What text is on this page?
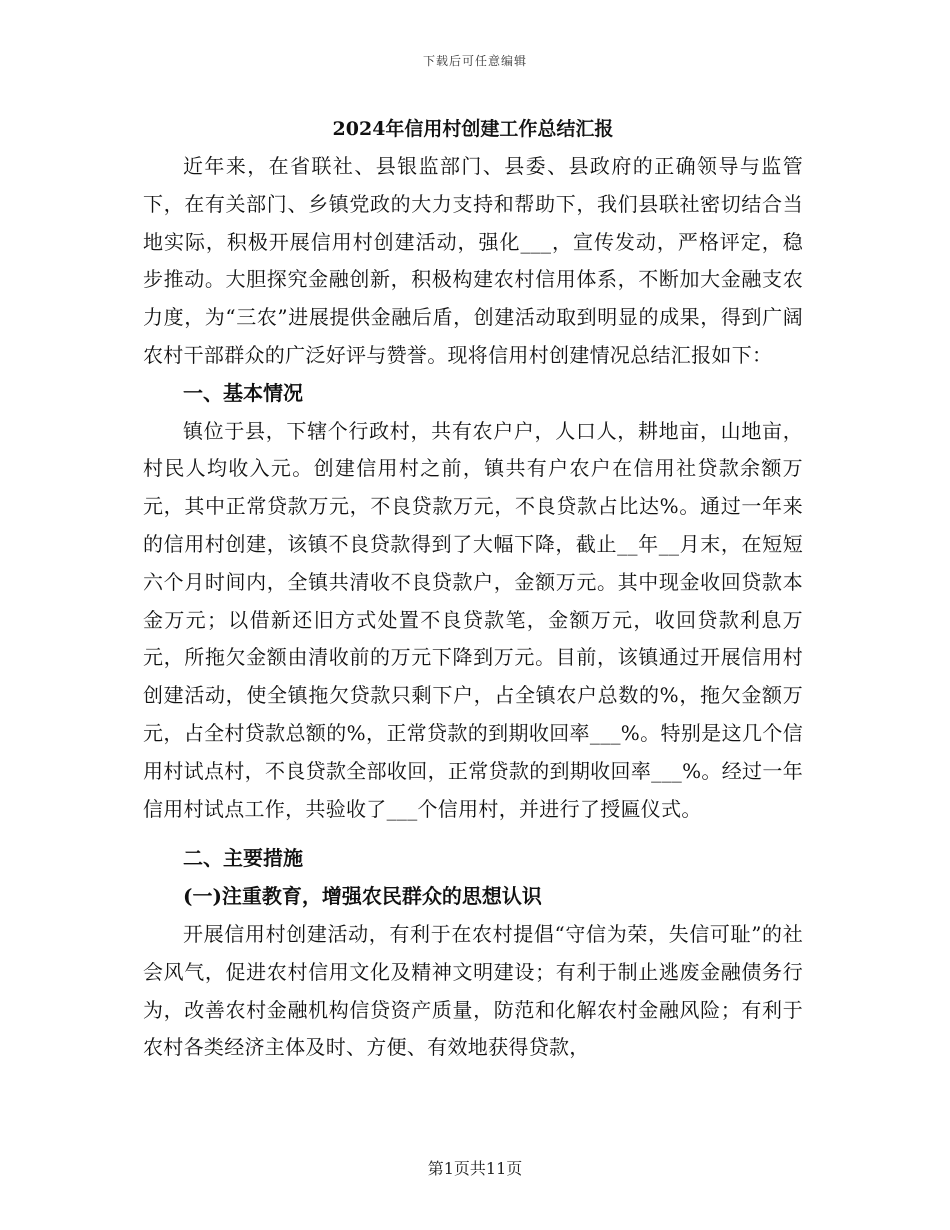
下载后可任意编辑
2024年信用村创建工作总结汇报

近年来，在省联社、县银监部门、县委、县政府的正确领导与监管下，在有关部门、乡镇党政的大力支持和帮助下，我们县联社密切结合当地实际，积极开展信用村创建活动，强化___，宣传发动，严格评定，稳步推动。大胆探究金融创新，积极构建农村信用体系，不断加大金融支农力度，为“三农”进展提供金融后盾，创建活动取到明显的成果，得到广阔农村干部群众的广泛好评与赞誉。现将信用村创建情况总结汇报如下：

一、基本情况

镇位于县，下辖个行政村，共有农户户，人口人，耕地亩，山地亩，村民人均收入元。创建信用村之前，镇共有户农户在信用社贷款余额万元，其中正常贷款万元，不良贷款万元，不良贷款占比达%。通过一年来的信用村创建，该镇不良贷款得到了大幅下降，截止__年__月末，在短短六个月时间内，全镇共清收不良贷款户，金额万元。其中现金收回贷款本金万元；以借新还旧方式处置不良贷款笔，金额万元，收回贷款利息万元，所拖欠金额由清收前的万元下降到万元。目前，该镇通过开展信用村创建活动，使全镇拖欠贷款只剩下户，占全镇农户总数的%，拖欠金额万元，占全村贷款总额的%，正常贷款的到期收回率___%。特别是这几个信用村试点村，不良贷款全部收回，正常贷款的到期收回率___%。经过一年信用村试点工作，共验收了___个信用村，并进行了授匾仪式。

二、主要措施
(一)注重教育，增强农民群众的思想认识

开展信用村创建活动，有利于在农村提倡“守信为荣，失信可耻”的社会风气，促进农村信用文化及精神文明建设；有利于制止逃废金融债务行为，改善农村金融机构信贷资产质量，防范和化解农村金融风险；有利于农村各类经济主体及时、方便、有效地获得贷款，

第1页共11页
